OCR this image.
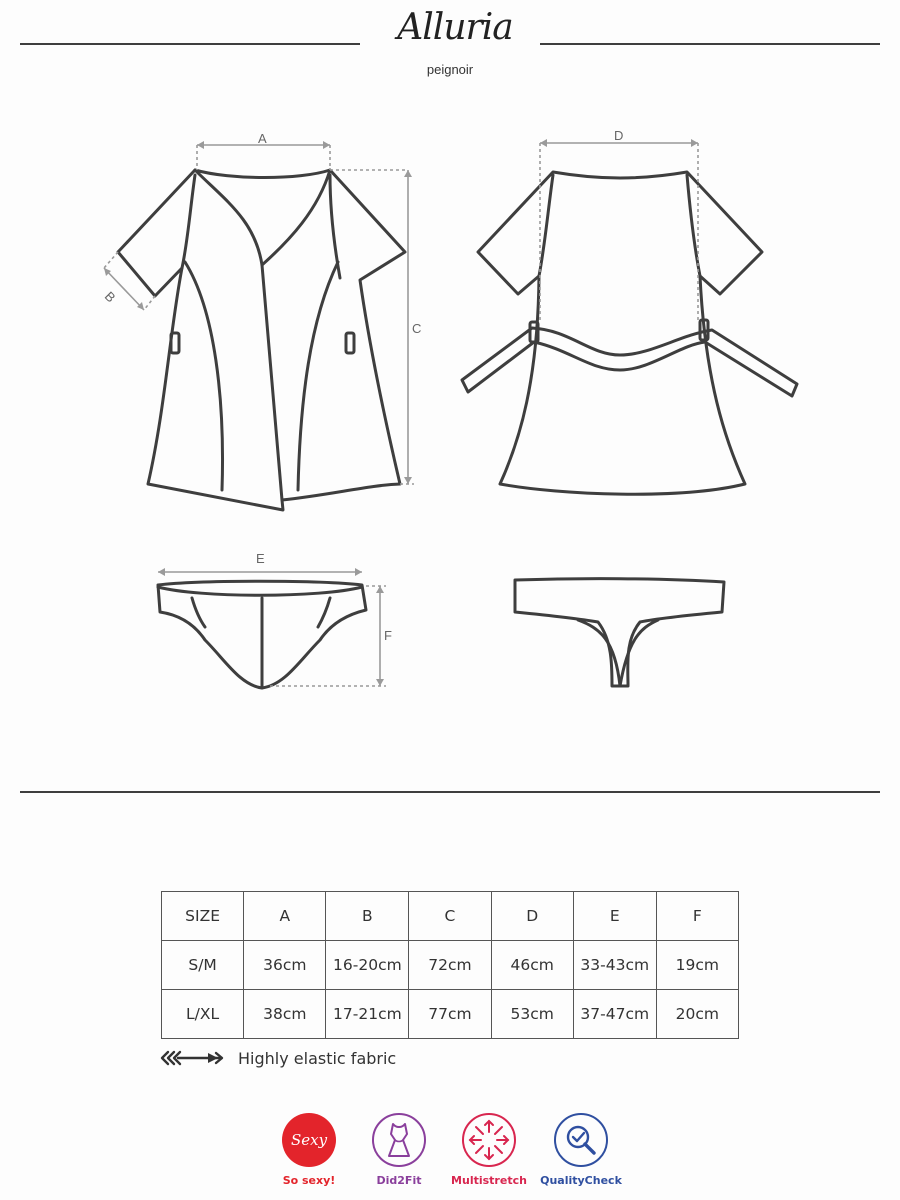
Alluria
peignoir
A
B
C
D
E
F
SIZE	A	B	C	D	E	F
S/M	36cm	16-20cm	72cm	46cm	33-43cm	19cm
L/XL	38cm	17-21cm	77cm	53cm	37-47cm	20cm
Highly elastic fabric
Sexy
So sexy!	Did2Fit	Multistretch	QualityCheck
